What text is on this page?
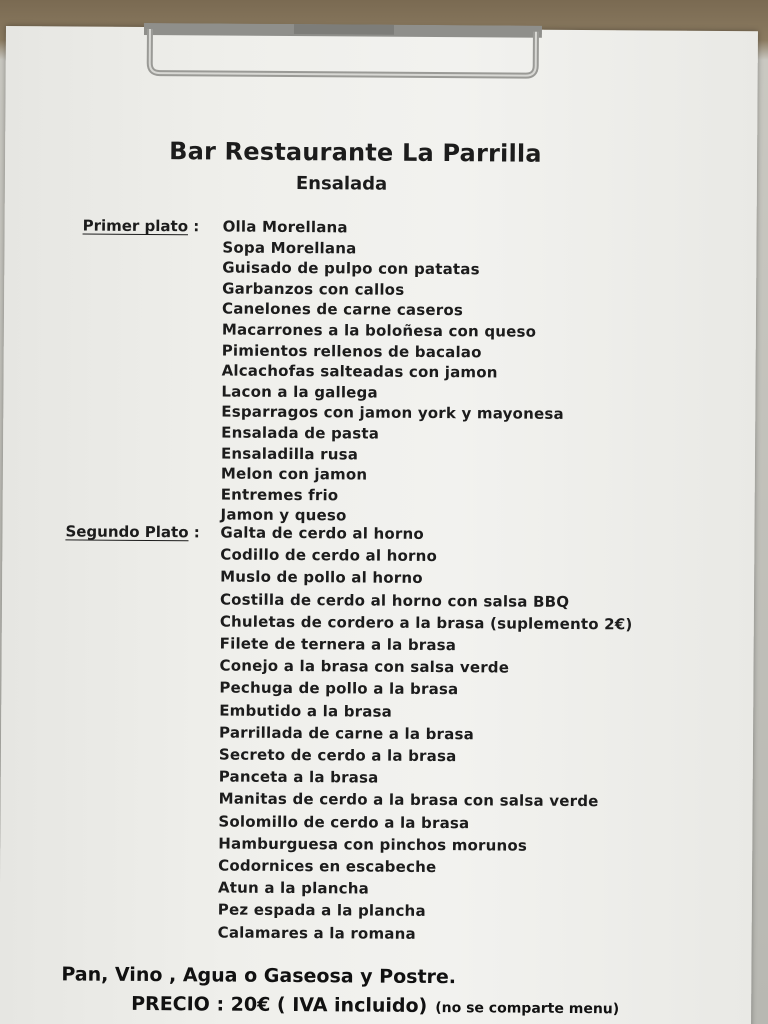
Bar Restaurante La Parrilla
Ensalada
Primer plato : Olla Morellana
Sopa Morellana
Guisado de pulpo con patatas
Garbanzos con callos
Canelones de carne caseros
Macarrones a la boloñesa con queso
Pimientos rellenos de bacalao
Alcachofas salteadas con jamon
Lacon a la gallega
Esparragos con jamon york y mayonesa
Ensalada de pasta
Ensaladilla rusa
Melon con jamon
Entremes frio
Jamon y queso
Segundo Plato : Galta de cerdo al horno
Codillo de cerdo al horno
Muslo de pollo al horno
Costilla de cerdo al horno con salsa BBQ
Chuletas de cordero a la brasa (suplemento 2€)
Filete de ternera a la brasa
Conejo a la brasa con salsa verde
Pechuga de pollo a la brasa
Embutido a la brasa
Parrillada de carne a la brasa
Secreto de cerdo a la brasa
Panceta a la brasa
Manitas de cerdo a la brasa con salsa verde
Solomillo de cerdo a la brasa
Hamburguesa con pinchos morunos
Codornices en escabeche
Atun a la plancha
Pez espada a la plancha
Calamares a la romana
Pan, Vino , Agua o Gaseosa y Postre.
PRECIO : 20€ ( IVA incluido) (no se comparte menu)
